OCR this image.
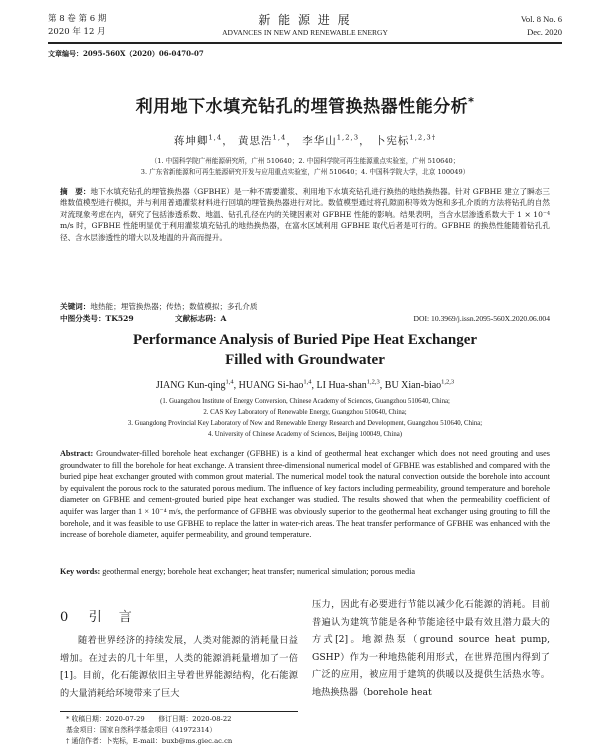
第 8 卷 第 6 期
2020 年 12 月
新 能 源 进 展
ADVANCES IN NEW AND RENEWABLE ENERGY
Vol. 8 No. 6
Dec. 2020
文章编号：2095-560X（2020）06-0470-07
利用地下水填充钻孔的埋管换热器性能分析*
蒋坤卿$^{1,4}$， 黄思浩$^{1,4}$， 李华山$^{1,2,3}$， 卜宪标$^{1,2,3\dagger}$
（1. 中国科学院广州能源研究所，广州 510640；2. 中国科学院可再生能源重点实验室，广州 510640；
3. 广东省新能源和可再生能源研究开发与应用重点实验室，广州 510640；4. 中国科学院大学，北京 100049）
摘　要：地下水填充钻孔的埋管换热器（GFBHE）是一种不需要灌浆、利用地下水填充钻孔进行换热的地热换热器。针对 GFBHE 建立了瞬态三维数值模型进行模拟，并与利用普通灌浆材料进行回填的埋管换热器进行对比。数值模型通过将孔隙面积等效为饱和多孔介质的方法将钻孔的自然对流现象考虑在内，研究了包括渗透系数、地温、钻孔孔径在内的关键因素对 GFBHE 性能的影响。结果表明，当含水层渗透系数大于 1 × 10⁻⁴ m/s 时，GFBHE 性能明显优于利用灌浆填充钻孔的地热换热器，在富水区域利用 GFBHE 取代后者是可行的。GFBHE 的换热性能随着钻孔孔径、含水层渗透性的增大以及地温的升高而提升。
关键词：地热能；埋管换热器；传热；数值模拟；多孔介质
中图分类号：TK529	文献标志码：A	DOI: 10.3969/j.issn.2095-560X.2020.06.004
Performance Analysis of Buried Pipe Heat Exchanger
Filled with Groundwater
JIANG Kun-qing$^{1,4}$, HUANG Si-hao$^{1,4}$, LI Hua-shan$^{1,2,3}$, BU Xian-biao$^{1,2,3}$
(1. Guangzhou Institute of Energy Conversion, Chinese Academy of Sciences, Guangzhou 510640, China;
2. CAS Key Laboratory of Renewable Energy, Guangzhou 510640, China;
3. Guangdong Provincial Key Laboratory of New and Renewable Energy Research and Development, Guangzhou 510640, China;
4. University of Chinese Academy of Sciences, Beijing 100049, China)
Abstract: Groundwater-filled borehole heat exchanger (GFBHE) is a kind of geothermal heat exchanger which does not need grouting and uses groundwater to fill the borehole for heat exchange. A transient three-dimensional numerical model of GFBHE was established and compared with the buried pipe heat exchanger grouted with common grout material. The numerical model took the natural convection outside the borehole into account by equivalent the porous rock to the saturated porous medium. The influence of key factors including permeability, ground temperature and borehole diameter on GFBHE and cement-grouted buried pipe heat exchanger was studied. The results showed that when the permeability coefficient of aquifer was larger than 1 × 10⁻⁴ m/s, the performance of GFBHE was obviously superior to the geothermal heat exchanger using grouting to fill the borehole, and it was feasible to use GFBHE to replace the latter in water-rich areas. The heat transfer performance of GFBHE was enhanced with the increase of borehole diameter, aquifer permeability, and ground temperature.
Key words: geothermal energy; borehole heat exchanger; heat transfer; numerical simulation; porous media
0 引　言
随着世界经济的持续发展，人类对能源的消耗量日益增加。在过去的几十年里，人类的能源消耗量增加了一倍[1]。目前，化石能源依旧主导着世界能源结构，化石能源的大量消耗给环境带来了巨大
压力，因此有必要进行节能以减少化石能源的消耗。目前普遍认为建筑节能是各种节能途径中最有效且潜力最大的方式[2]。地源热泵（ground source heat pump, GSHP）作为一种地热能利用形式，在世界范围内得到了广泛的应用，被应用于建筑的供暖以及提供生活热水等。地热换热器（borehole heat
* 收稿日期：2020-07-29　　修订日期：2020-08-22
基金项目：国家自然科学基金项目（41972314）
† 通信作者：卜宪标，E-mail：buxb@ms.giec.ac.cn
